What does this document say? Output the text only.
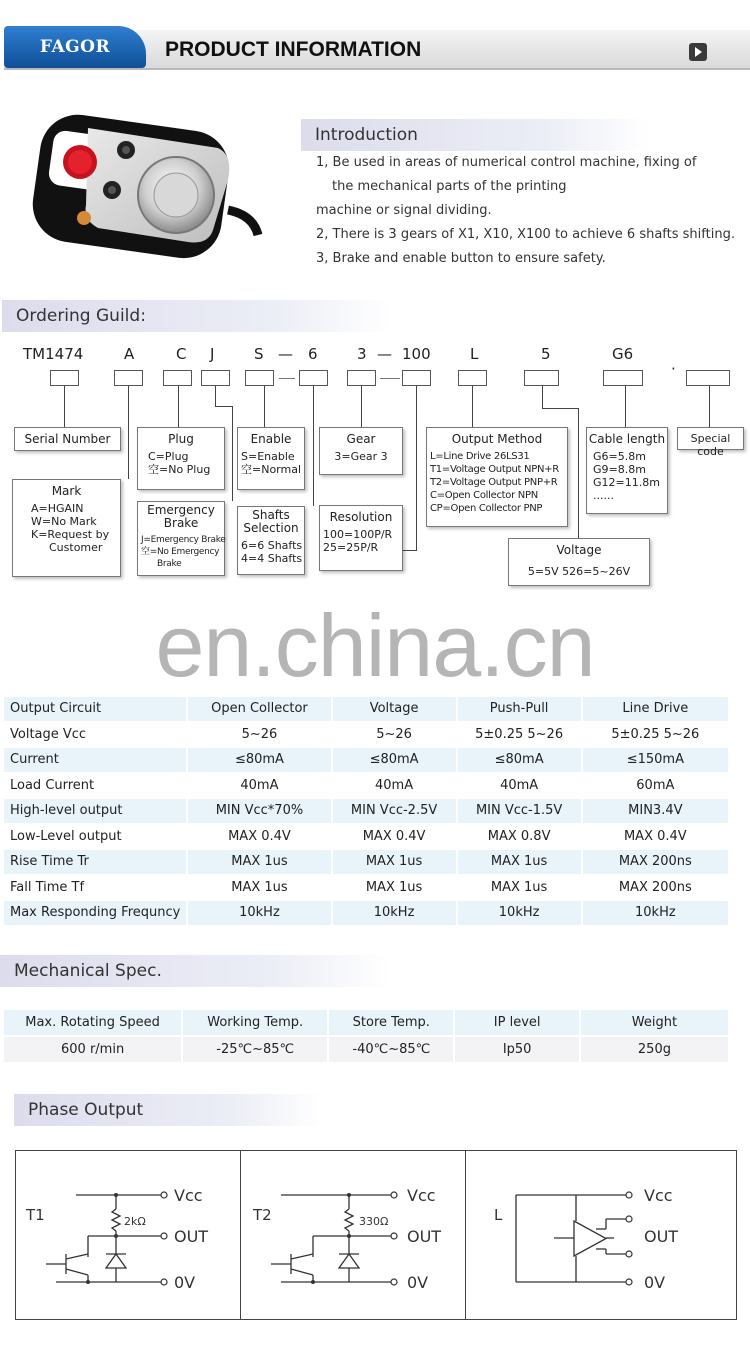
FAGOR	PRODUCT INFORMATION
Introduction
1, Be used in areas of numerical control machine, fixing of
the mechanical parts of the printing
machine or signal dividing.
2, There is 3 gears of X1, X10, X100 to achieve 6 shafts shifting.
3, Brake and enable button to ensure safety.
Ordering Guild:
TM1474	A	C J	S — 6	3 — 100	L	5	G6
·
Serial Number
Mark
A=HGAIN
W=No Mark
K=Request by
Customer
Plug
C=Plug
空=No Plug
Emergency Brake
J=Emergency Brake
空=No Emergency
Brake
Enable
S=Enable
空=Normal
Shafts Selection
6=6 Shafts
4=4 Shafts
Gear
3=Gear 3
Resolution
100=100P/R
25=25P/R
Output Method
L=Line Drive 26LS31
T1=Voltage Output NPN+R
T2=Voltage Output PNP+R
C=Open Collector NPN
CP=Open Collector PNP
Voltage
5=5V 526=5~26V
Cable length
G6=5.8m
G9=8.8m
G12=11.8m
......
Special code
en.china.cn
Output Circuit	Open Collector	Voltage	Push-Pull	Line Drive
Voltage Vcc	5~26	5~26	5±0.25 5~26	5±0.25 5~26
Current	≤80mA	≤80mA	≤80mA	≤150mA
Load Current	40mA	40mA	40mA	60mA
High-level output	MIN Vcc*70%	MIN Vcc-2.5V	MIN Vcc-1.5V	MIN3.4V
Low-Level output	MAX 0.4V	MAX 0.4V	MAX 0.8V	MAX 0.4V
Rise Time Tr	MAX 1us	MAX 1us	MAX 1us	MAX 200ns
Fall Time Tf	MAX 1us	MAX 1us	MAX 1us	MAX 200ns
Max Responding Frequncy	10kHz	10kHz	10kHz	10kHz
Mechanical Spec.
Max. Rotating Speed	Working Temp.	Store Temp.	IP level	Weight
600 r/min	-25℃~85℃	-40℃~85℃	Ip50	250g
Phase Output
T1	2kΩ
Vcc
OUT
0V
T2	330Ω
Vcc
OUT
0V
L
Vcc
OUT
0V
